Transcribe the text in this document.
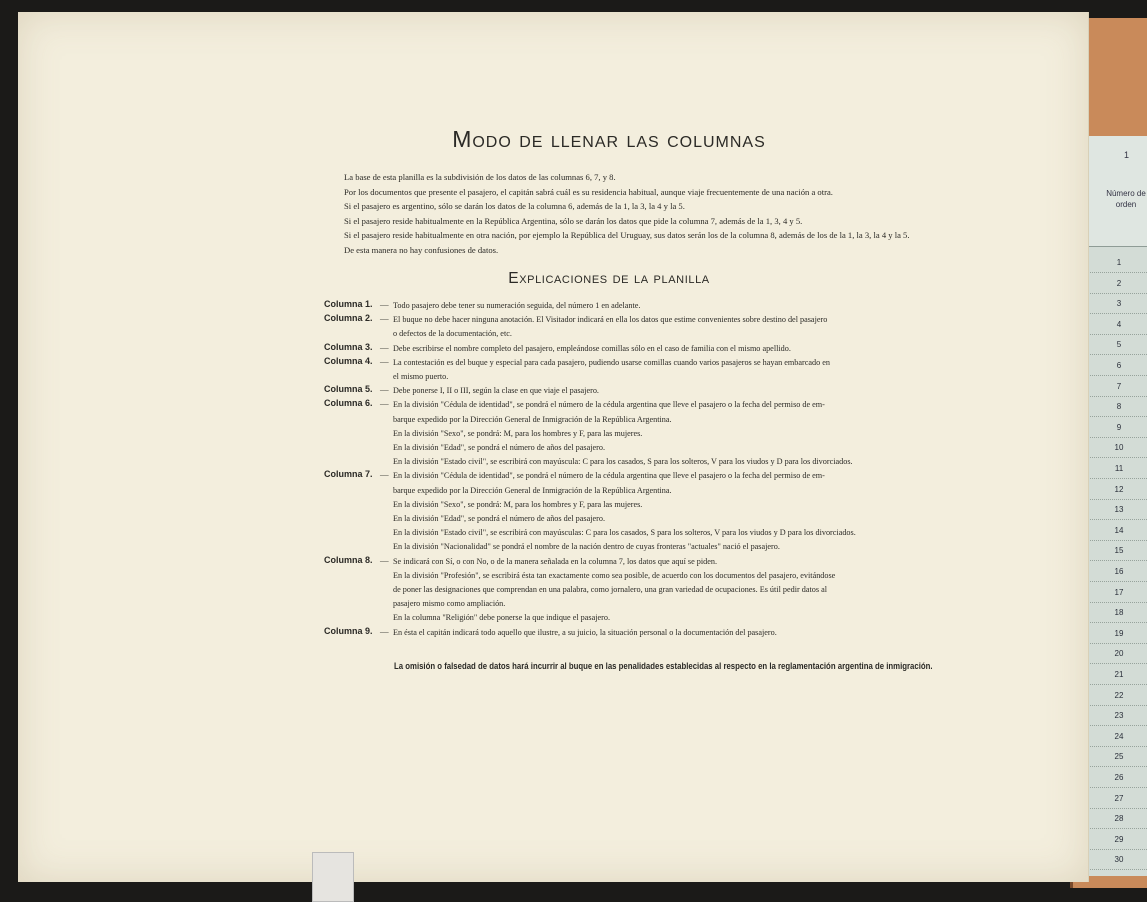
1
Número de orden
1
2
3
4
5
6
7
8
9
10
11
12
13
14
15
16
17
18
19
20
21
22
23
24
25
26
27
28
29
30
Modo de llenar las columnas

La base de esta planilla es la subdivisión de los datos de las columnas 6, 7, y 8.

Por los documentos que presente el pasajero, el capitán sabrá cuál es su residencia habitual, aunque viaje frecuentemente de una nación a otra.

Si el pasajero es argentino, sólo se darán los datos de la columna 6, además de la 1, la 3, la 4 y la 5.

Si el pasajero reside habitualmente en la República Argentina, sólo se darán los datos que pide la columna 7, además de la 1, 3, 4 y 5.

Si el pasajero reside habitualmente en otra nación, por ejemplo la República del Uruguay, sus datos serán los de la columna 8, además de los de la 1, la 3, la 4 y la 5.

De esta manera no hay confusiones de datos.

Explicaciones de la planilla
Columna 1. — Todo pasajero debe tener su numeración seguida, del número 1 en adelante.

Columna 2. — El buque no debe hacer ninguna anotación. El Visitador indicará en ella los datos que estime convenientes sobre destino del pasajero

o defectos de la documentación, etc.

Columna 3. — Debe escribirse el nombre completo del pasajero, empleándose comillas sólo en el caso de familia con el mismo apellido.

Columna 4. — La contestación es del buque y especial para cada pasajero, pudiendo usarse comillas cuando varios pasajeros se hayan embarcado en

el mismo puerto.

Columna 5. — Debe ponerse I, II o III, según la clase en que viaje el pasajero.

Columna 6. — En la división "Cédula de identidad", se pondrá el número de la cédula argentina que lleve el pasajero o la fecha del permiso de em-

barque expedido por la Dirección General de Inmigración de la República Argentina.

En la división "Sexo", se pondrá: M, para los hombres y F, para las mujeres.

En la división "Edad", se pondrá el número de años del pasajero.

En la división "Estado civil", se escribirá con mayúscula: C para los casados, S para los solteros, V para los viudos y D para los divorciados.

Columna 7. — En la división "Cédula de identidad", se pondrá el número de la cédula argentina que lleve el pasajero o la fecha del permiso de em-

barque expedido por la Dirección General de Inmigración de la República Argentina.

En la división "Sexo", se pondrá: M, para los hombres y F, para las mujeres.

En la división "Edad", se pondrá el número de años del pasajero.

En la división "Estado civil", se escribirá con mayúsculas: C para los casados, S para los solteros, V para los viudos y D para los divorciados.

En la división "Nacionalidad" se pondrá el nombre de la nación dentro de cuyas fronteras "actuales" nació el pasajero.

Columna 8. — Se indicará con Sí, o con No, o de la manera señalada en la columna 7, los datos que aquí se piden.

En la división "Profesión", se escribirá ésta tan exactamente como sea posible, de acuerdo con los documentos del pasajero, evitándose

de poner las designaciones que comprendan en una palabra, como jornalero, una gran variedad de ocupaciones. Es útil pedir datos al

pasajero mismo como ampliación.

En la columna "Religión" debe ponerse la que indique el pasajero.

Columna 9. — En ésta el capitán indicará todo aquello que ilustre, a su juicio, la situación personal o la documentación del pasajero.

La omisión o falsedad de datos hará incurrir al buque en las penalidades establecidas al respecto en la reglamentación argentina de inmigración.
